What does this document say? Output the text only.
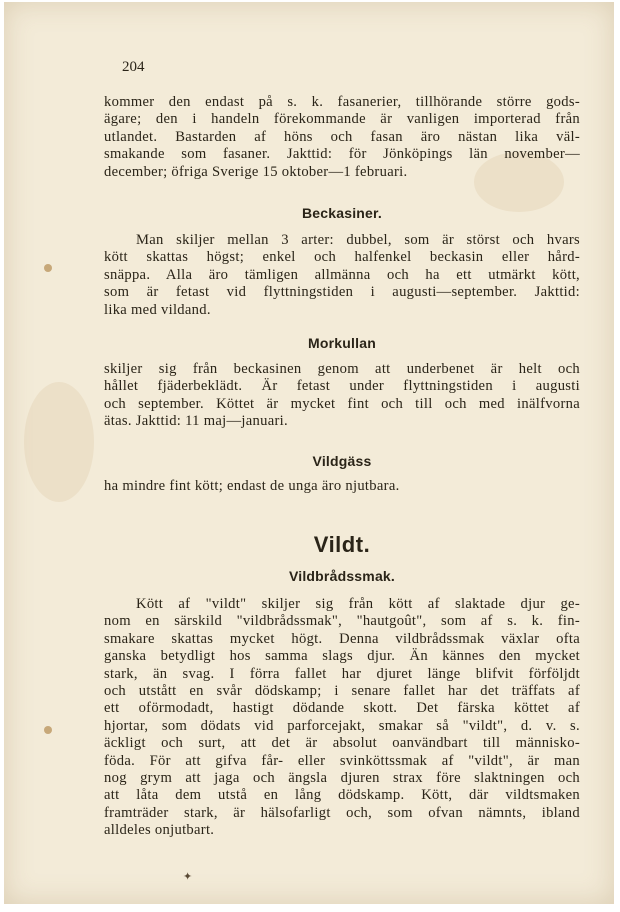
204
kommer den endast på s. k. fasanerier, tillhörande större gods-
ägare; den i handeln förekommande är vanligen importerad från
utlandet. Bastarden af höns och fasan äro nästan lika väl-
smakande som fasaner. Jakttid: för Jönköpings län november—
december; öfriga Sverige 15 oktober—1 februari.
Beckasiner.
Man skiljer mellan 3 arter: dubbel, som är störst och hvars
kött skattas högst; enkel och halfenkel beckasin eller hård-
snäppa. Alla äro tämligen allmänna och ha ett utmärkt kött,
som är fetast vid flyttningstiden i augusti—september. Jakttid:
lika med vildand.
Morkullan
skiljer sig från beckasinen genom att underbenet är helt och
hållet fjäderbeklädt. Är fetast under flyttningstiden i augusti
och september. Köttet är mycket fint och till och med inälfvorna
ätas. Jakttid: 11 maj—januari.
Vildgäss
ha mindre fint kött; endast de unga äro njutbara.
Vildt.
Vildbrådssmak.
Kött af "vildt" skiljer sig från kött af slaktade djur ge-
nom en särskild "vildbrådssmak", "hautgoût", som af s. k. fin-
smakare skattas mycket högt. Denna vildbrådssmak växlar ofta
ganska betydligt hos samma slags djur. Än kännes den mycket
stark, än svag. I förra fallet har djuret länge blifvit förföljdt
och utstått en svår dödskamp; i senare fallet har det träffats af
ett oförmodadt, hastigt dödande skott. Det färska köttet af
hjortar, som dödats vid parforcejakt, smakar så "vildt", d. v. s.
äckligt och surt, att det är absolut oanvändbart till människo-
föda. För att gifva får- eller svinköttssmak af "vildt", är man
nog grym att jaga och ängsla djuren strax före slaktningen och
att låta dem utstå en lång dödskamp. Kött, där vildtsmaken
framträder stark, är hälsofarligt och, som ofvan nämnts, ibland
alldeles onjutbart.
✦
